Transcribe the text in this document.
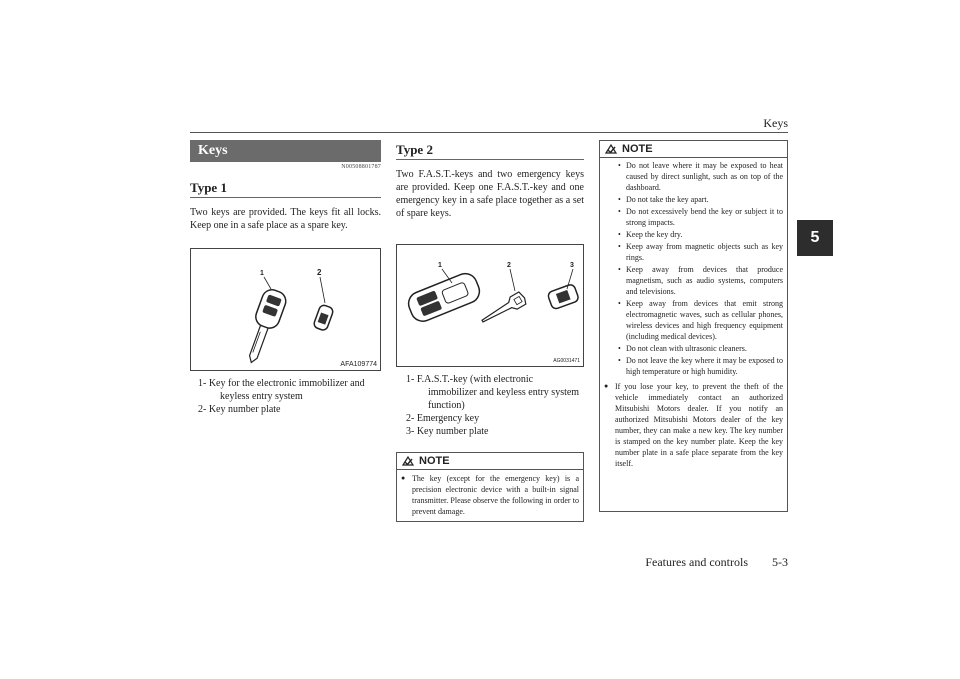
Keys
5
Keys
N00508801787
Type 1
Two keys are provided. The keys fit all locks. Keep one in a safe place as a spare key.
1	2
AFA109774
1- Key for the electronic immobilizer and keyless entry system
2- Key number plate
Type 2
Two F.A.S.T.-keys and two emergency keys are provided. Keep one F.A.S.T.-key and one emergency key in a safe place together as a set of spare keys.
1	2	3
AG0031471
1- F.A.S.T.-key (with electronic immobilizer and keyless entry system function)
2- Emergency key
3- Key number plate
NOTE
● The key (except for the emergency key) is a precision electronic device with a built-in signal transmitter. Please observe the following in order to prevent damage.
NOTE
• Do not leave where it may be exposed to heat caused by direct sunlight, such as on top of the dashboard.
• Do not take the key apart.
• Do not excessively bend the key or subject it to strong impacts.
• Keep the key dry.
• Keep away from magnetic objects such as key rings.
• Keep away from devices that produce magnetism, such as audio systems, computers and televisions.
• Keep away from devices that emit strong electromagnetic waves, such as cellular phones, wireless devices and high frequency equipment (including medical devices).
• Do not clean with ultrasonic cleaners.
• Do not leave the key where it may be exposed to high temperature or high humidity.
● If you lose your key, to prevent the theft of the vehicle immediately contact an authorized Mitsubishi Motors dealer. If you notify an authorized Mitsubishi Motors dealer of the key number, they can make a new key. The key number is stamped on the key number plate. Keep the key number plate in a safe place separate from the key itself.
Features and controls 5-3
